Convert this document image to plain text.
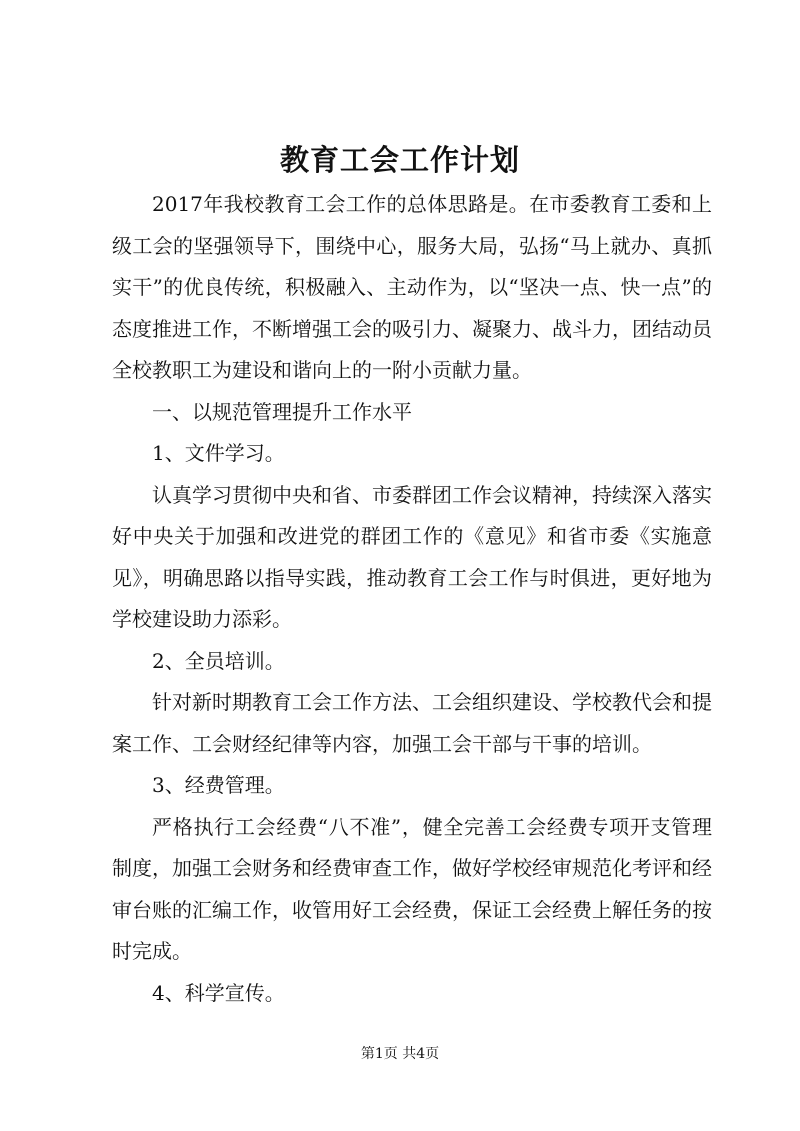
教育工会工作计划

2017年我校教育工会工作的总体思路是。在市委教育工委和上级工会的坚强领导下，围绕中心，服务大局，弘扬“马上就办、真抓实干”的优良传统，积极融入、主动作为，以“坚决一点、快一点”的态度推进工作，不断增强工会的吸引力、凝聚力、战斗力，团结动员全校教职工为建设和谐向上的一附小贡献力量。

一、以规范管理提升工作水平

1、文件学习。

认真学习贯彻中央和省、市委群团工作会议精神，持续深入落实好中央关于加强和改进党的群团工作的《意见》和省市委《实施意见》，明确思路以指导实践，推动教育工会工作与时俱进，更好地为学校建设助力添彩。

2、全员培训。

针对新时期教育工会工作方法、工会组织建设、学校教代会和提案工作、工会财经纪律等内容，加强工会干部与干事的培训。

3、经费管理。

严格执行工会经费“八不准”，健全完善工会经费专项开支管理制度，加强工会财务和经费审查工作，做好学校经审规范化考评和经审台账的汇编工作，收管用好工会经费，保证工会经费上解任务的按时完成。

4、科学宣传。

第1页 共4页
